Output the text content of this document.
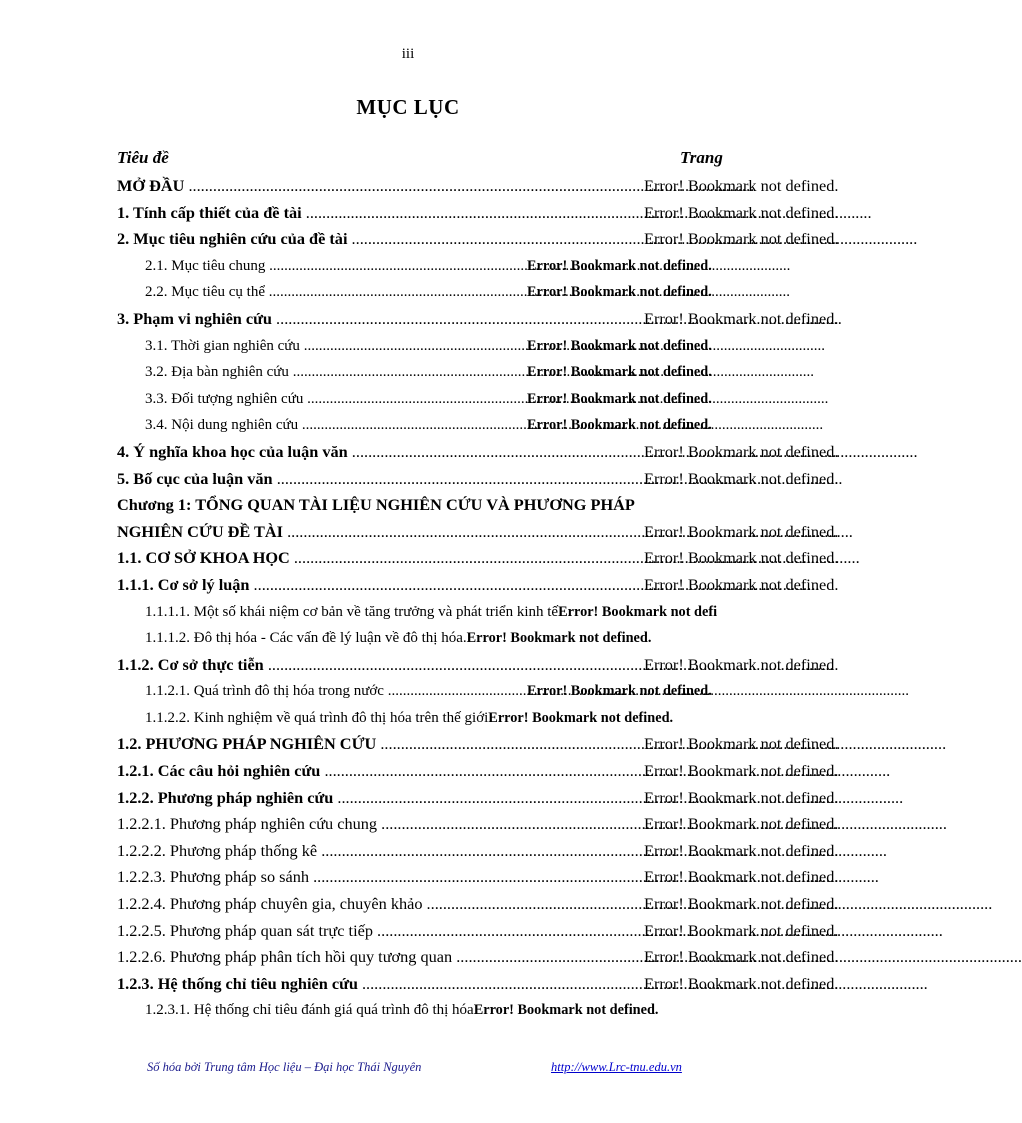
iii
MỤC LỤC
Tiêu đề	Trang
MỞ ĐẦU .....	Error! Bookmark not defined.
1. Tính cấp thiết của đề tài .....	Error! Bookmark not defined.
2. Mục tiêu nghiên cứu của đề tài .....	Error! Bookmark not defined.
2.1. Mục tiêu chung .....	Error! Bookmark not defined.
2.2. Mục tiêu cụ thể .....	Error! Bookmark not defined.
3. Phạm vi nghiên cứu .....	Error! Bookmark not defined.
3.1. Thời gian nghiên cứu .....	Error! Bookmark not defined.
3.2. Địa bàn nghiên cứu .....	Error! Bookmark not defined.
3.3. Đối tượng nghiên cứu .....	Error! Bookmark not defined.
3.4. Nội dung nghiên cứu .....	Error! Bookmark not defined.
4. Ý nghĩa khoa học của luận văn .....	Error! Bookmark not defined.
5. Bố cục của luận văn .....	Error! Bookmark not defined.
Chương 1: TỔNG QUAN TÀI LIỆU NGHIÊN CỨU VÀ PHƯƠNG PHÁP
NGHIÊN CỨU ĐỀ TÀI .....	Error! Bookmark not defined.
1.1. CƠ SỞ KHOA HỌC .....	Error! Bookmark not defined.
1.1.1. Cơ sở lý luận .....	Error! Bookmark not defined.
1.1.1.1. Một số khái niệm cơ bản về tăng trưởng và phát triển kinh tếError! Bookmark not defi
1.1.1.2. Đô thị hóa - Các vấn đề lý luận về đô thị hóa.Error! Bookmark not defined.
1.1.2. Cơ sở thực tiễn .....	Error! Bookmark not defined.
1.1.2.1. Quá trình đô thị hóa trong nước .....	Error! Bookmark not defined.
1.1.2.2. Kinh nghiệm về quá trình đô thị hóa trên thế giớiError! Bookmark not defined.
1.2. PHƯƠNG PHÁP NGHIÊN CỨU .....	Error! Bookmark not defined.
1.2.1. Các câu hỏi nghiên cứu .....	Error! Bookmark not defined.
1.2.2. Phương pháp nghiên cứu .....	Error! Bookmark not defined.
1.2.2.1. Phương pháp nghiên cứu chung .....	Error! Bookmark not defined.
1.2.2.2. Phương pháp thống kê .....	Error! Bookmark not defined.
1.2.2.3. Phương pháp so sánh .....	Error! Bookmark not defined.
1.2.2.4. Phương pháp chuyên gia, chuyên khảo .....	Error! Bookmark not defined.
1.2.2.5. Phương pháp quan sát trực tiếp .....	Error! Bookmark not defined.
1.2.2.6. Phương pháp phân tích hồi quy tương quan .....	Error! Bookmark not defined.
1.2.3. Hệ thống chỉ tiêu nghiên cứu .....	Error! Bookmark not defined.
1.2.3.1. Hệ thống chỉ tiêu đánh giá quá trình đô thị hóaError! Bookmark not defined.
Số hóa bởi Trung tâm Học liệu – Đại học Thái Nguyên	http://www.Lrc-tnu.edu.vn
